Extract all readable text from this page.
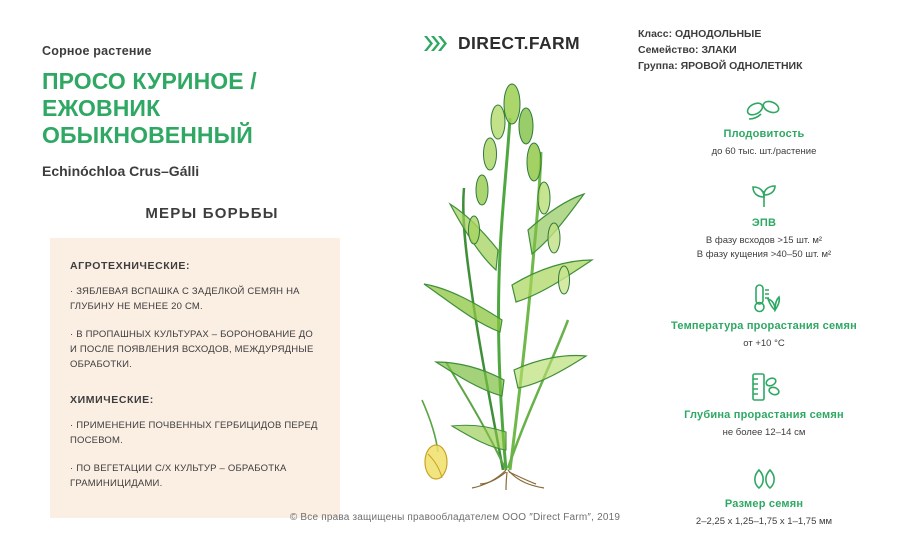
Сорное растение
ПРОСО КУРИНОЕ / ЕЖОВНИК ОБЫКНОВЕННЫЙ
Echinóchloa Crus–Gálli
МЕРЫ БОРЬБЫ
АГРОТЕХНИЧЕСКИЕ:

· ЗЯБЛЕВАЯ ВСПАШКА С ЗАДЕЛКОЙ СЕМЯН НА ГЛУБИНУ НЕ МЕНЕЕ 20 СМ.

· В ПРОПАШНЫХ КУЛЬТУРАХ – БОРОНОВАНИЕ ДО И ПОСЛЕ ПОЯВЛЕНИЯ ВСХОДОВ, МЕЖДУРЯДНЫЕ ОБРАБОТКИ.

ХИМИЧЕСКИЕ:

· ПРИМЕНЕНИЕ ПОЧВЕННЫХ ГЕРБИЦИДОВ ПЕРЕД ПОСЕВОМ.

· ПО ВЕГЕТАЦИИ С/Х КУЛЬТУР – ОБРАБОТКА ГРАМИНИЦИДАМИ.

DIRECT.FARM	Класс: ОДНОДОЛЬНЫЕ
Семейство: ЗЛАКИ
Группа: ЯРОВОЙ ОДНОЛЕТНИК
Плодовитость
до 60 тыс. шт./растение
ЭПВ
В фазу всходов >15 шт. м²
В фазу кущения >40–50 шт. м²
Температура прорастания семян
от +10 °С
Глубина прорастания семян
не более 12–14 см
Размер семян
2–2,25 x 1,25–1,75 x 1–1,75 мм
© Все права защищены правообладателем ООО ″Direct Farm″, 2019
